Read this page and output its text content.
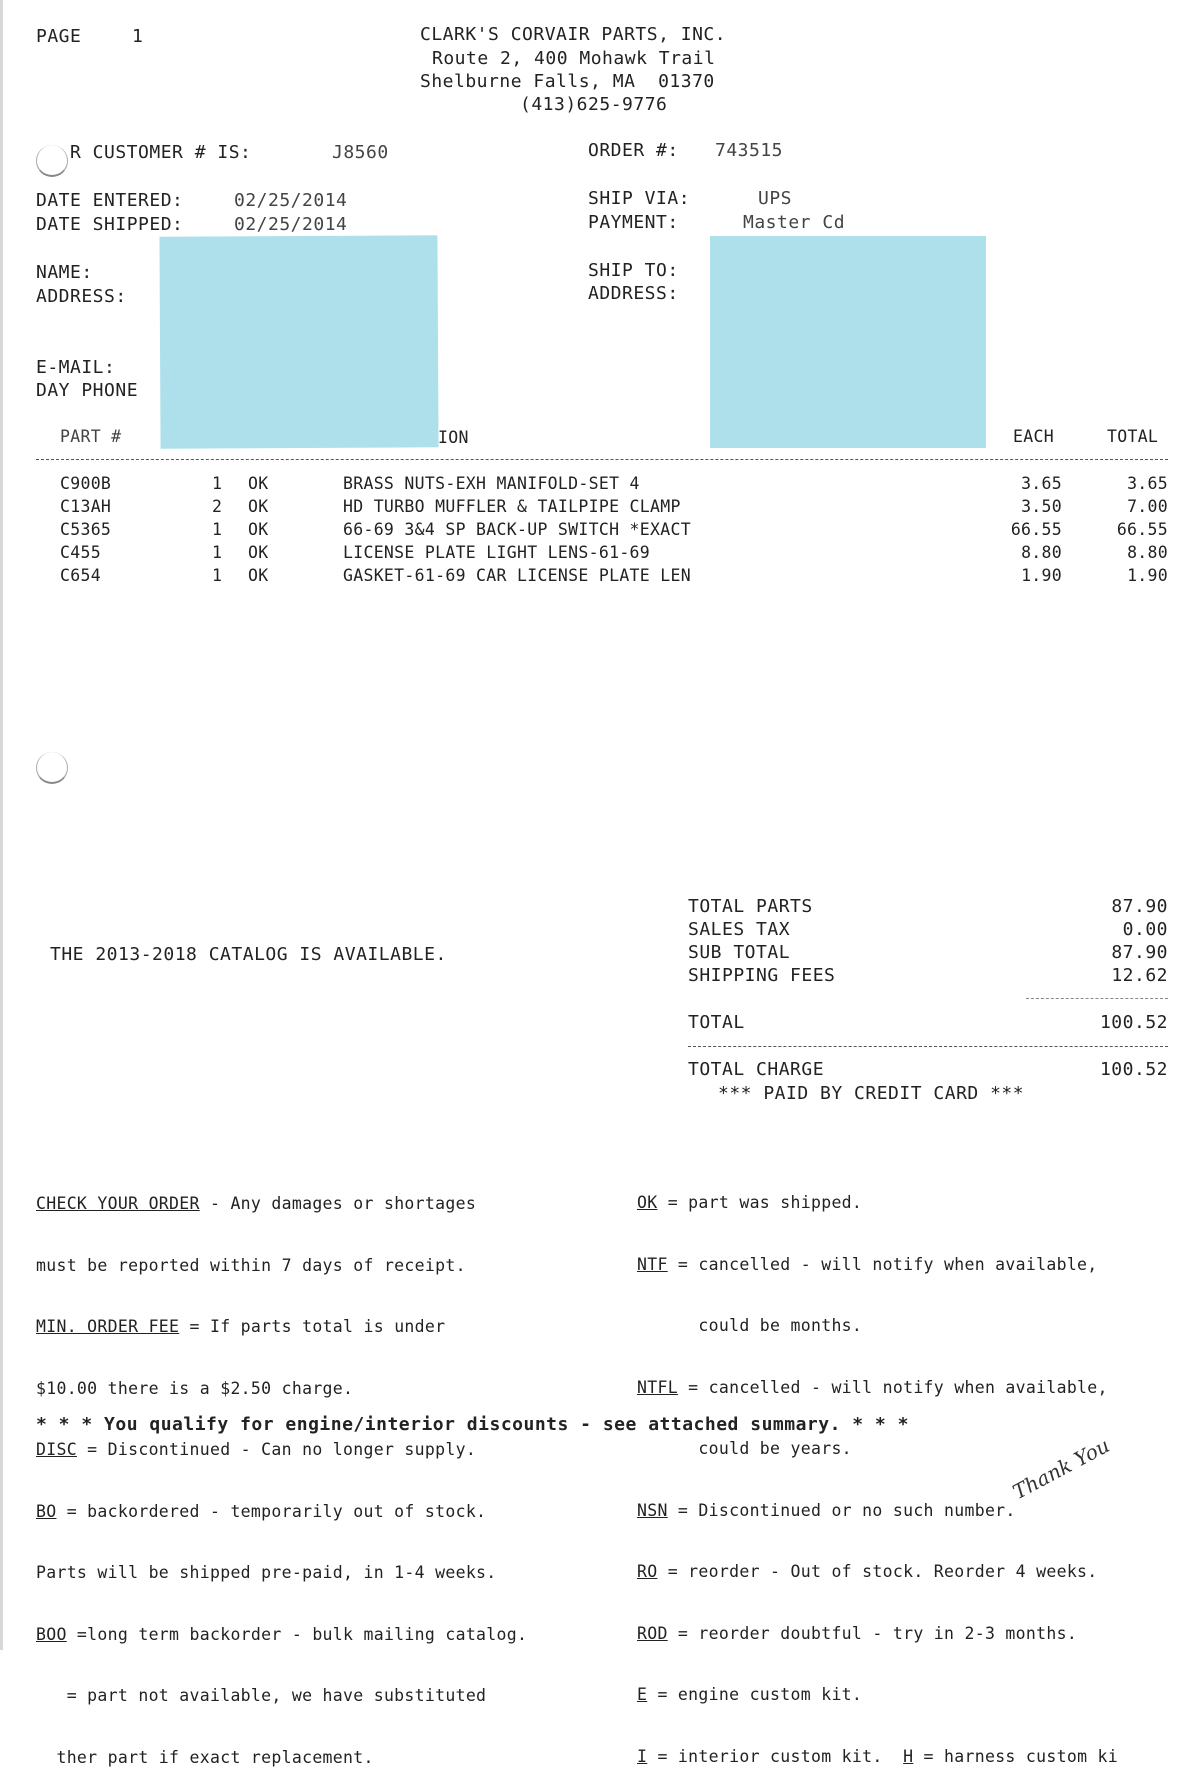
PAGE	1	CLARK'S CORVAIR PARTS, INC.
Route 2, 400 Mohawk Trail
Shelburne Falls, MA  01370
(413)625-9776
R CUSTOMER # IS:	J8560	ORDER #: 743515
DATE ENTERED:	02/25/2014
DATE SHIPPED:	02/25/2014
SHIP VIA:	UPS
PAYMENT:	Master Cd
NAME:
ADDRESS:
SHIP TO:
ADDRESS:
E-MAIL:
DAY PHONE
PART #	ION	EACH	TOTAL
C900B	1 OK	BRASS NUTS-EXH MANIFOLD-SET 4	3.65	3.65
C13AH	2 OK	HD TURBO MUFFLER & TAILPIPE CLAMP	3.50	7.00
C5365	1 OK	66-69 3&4 SP BACK-UP SWITCH *EXACT	66.55	66.55
C455	1 OK	LICENSE PLATE LIGHT LENS-61-69	8.80	8.80
C654	1 OK	GASKET-61-69 CAR LICENSE PLATE LEN	1.90	1.90
THE 2013-2018 CATALOG IS AVAILABLE.
TOTAL PARTS	87.90
SALES TAX	0.00
SUB TOTAL	87.90
SHIPPING FEES	12.62
TOTAL	100.52
TOTAL CHARGE	100.52
*** PAID BY CREDIT CARD ***

CHECK YOUR ORDER - Any damages or shortages

must be reported within 7 days of receipt.

MIN. ORDER FEE = If parts total is under

$10.00 there is a $2.50 charge.

DISC = Discontinued - Can no longer supply.

BO = backordered - temporarily out of stock.

Parts will be shipped pre-paid, in 1-4 weeks.

BOO =long term backorder - bulk mailing catalog.

= part not available, we have substituted

ther part if exact replacement.

OK = part was shipped.

NTF = cancelled - will notify when available,

could be months.

NTFL = cancelled - will notify when available,

could be years.

NSN = Discontinued or no such number.

RO = reorder - Out of stock. Reorder 4 weeks.

ROD = reorder doubtful - try in 2-3 months.

E = engine custom kit.

I = interior custom kit.  H = harness custom ki

* * * You qualify for engine/interior discounts - see attached summary. * * *
Thank You
